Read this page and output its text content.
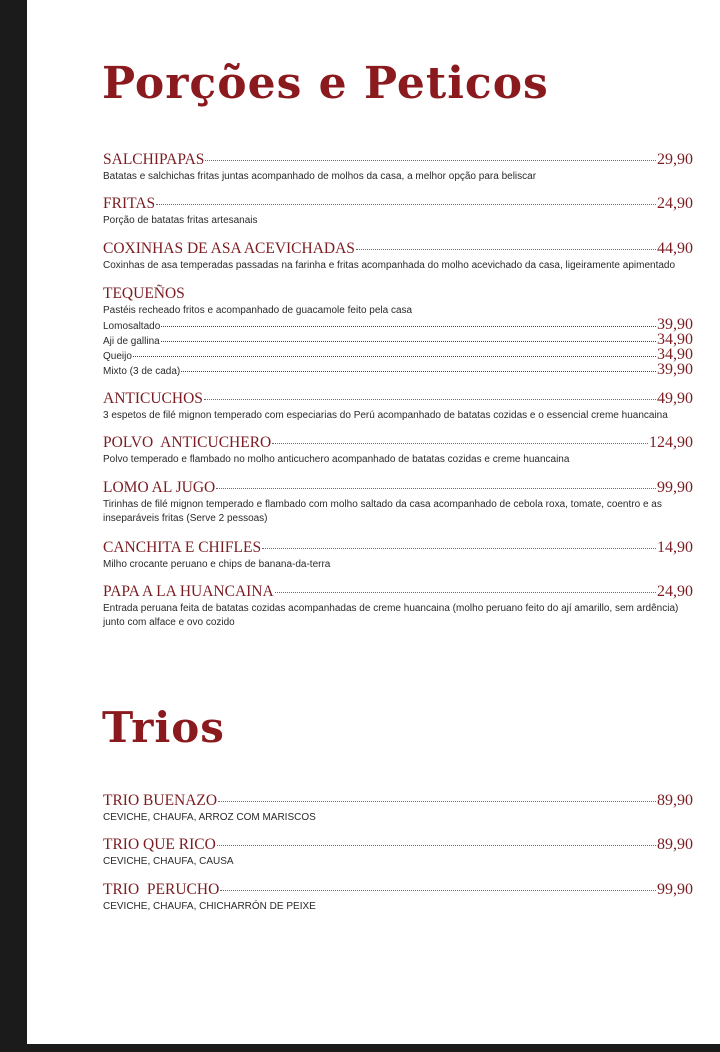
Porções e Peticos
SALCHIPAPAS	29,90
Batatas e salchichas fritas juntas acompanhado de molhos da casa, a melhor opção para beliscar
FRITAS	24,90
Porção de batatas fritas artesanais
COXINHAS DE ASA ACEVICHADAS	44,90
Coxinhas de asa temperadas passadas na farinha e fritas acompanhada do molho acevichado da casa, ligeiramente apimentado
TEQUEÑOS
Pastéis recheado fritos e acompanhado de guacamole feito pela casa
Lomosaltado	39,90
Aji de gallina	34,90
Queijo	34,90
Mixto (3 de cada)	39,90
ANTICUCHOS	49,90
3 espetos de filé mignon temperado com especiarias do Perú acompanhado de batatas cozidas e o essencial creme huancaina
POLVO  ANTICUCHERO	124,90
Polvo temperado e flambado no molho anticuchero acompanhado de batatas cozidas e creme huancaina
LOMO AL JUGO	99,90
Tirinhas de filé mignon temperado e flambado com molho saltado da casa acompanhado de cebola roxa, tomate, coentro e as inseparáveis fritas (Serve 2 pessoas)
CANCHITA E CHIFLES	14,90
Milho crocante peruano e chips de banana-da-terra
PAPA A LA HUANCAINA	24,90
Entrada peruana feita de batatas cozidas acompanhadas de creme huancaina (molho peruano feito do ají amarillo, sem ardência) junto com alface e ovo cozido
Trios
TRIO BUENAZO	89,90
CEVICHE, CHAUFA, ARROZ COM MARISCOS
TRIO QUE RICO	89,90
CEVICHE, CHAUFA, CAUSA
TRIO  PERUCHO	99,90
CEVICHE, CHAUFA, CHICHARRÓN DE PEIXE
